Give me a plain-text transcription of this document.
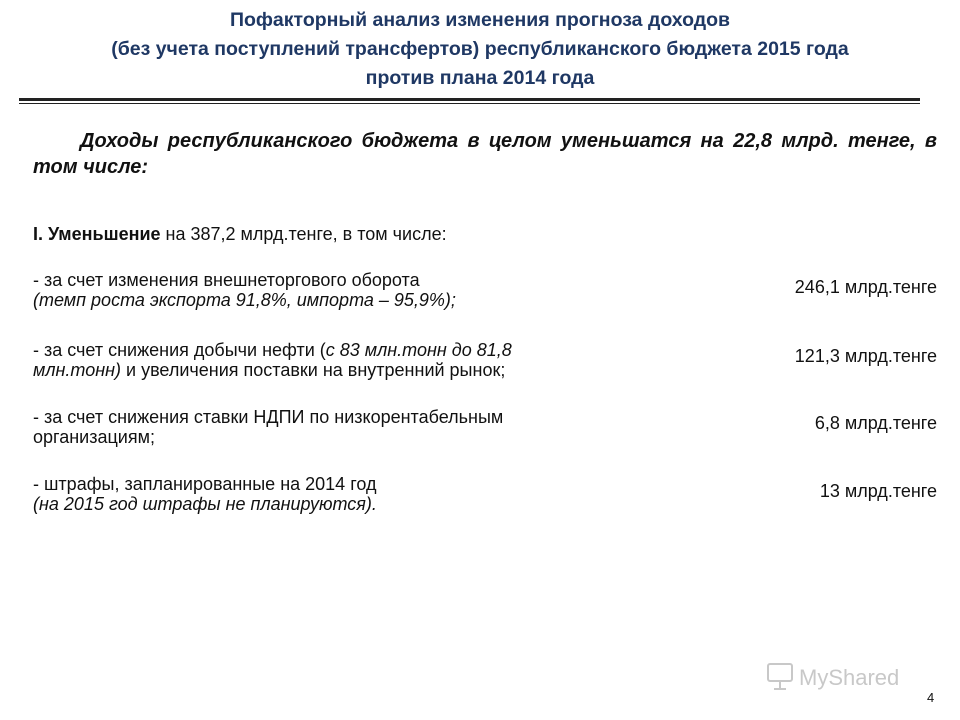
Пофакторный анализ изменения прогноза доходов
(без учета поступлений трансфертов) республиканского бюджета 2015 года
против плана 2014 года
Доходы республиканского бюджета в целом уменьшатся на 22,8 млрд. тенге, в том числе:
I. Уменьшение на 387,2 млрд.тенге, в том числе:
- за счет изменения внешнеторгового оборота
(темп роста экспорта 91,8%, импорта – 95,9%);
246,1 млрд.тенге
- за счет снижения добычи нефти (с 83 млн.тонн до 81,8
млн.тонн) и увеличения поставки на внутренний рынок;
121,3 млрд.тенге
- за счет снижения ставки НДПИ по низкорентабельным
организациям;
6,8 млрд.тенге
- штрафы, запланированные на 2014 год
(на 2015 год штрафы не планируются).
13 млрд.тенге
MyShared
4
